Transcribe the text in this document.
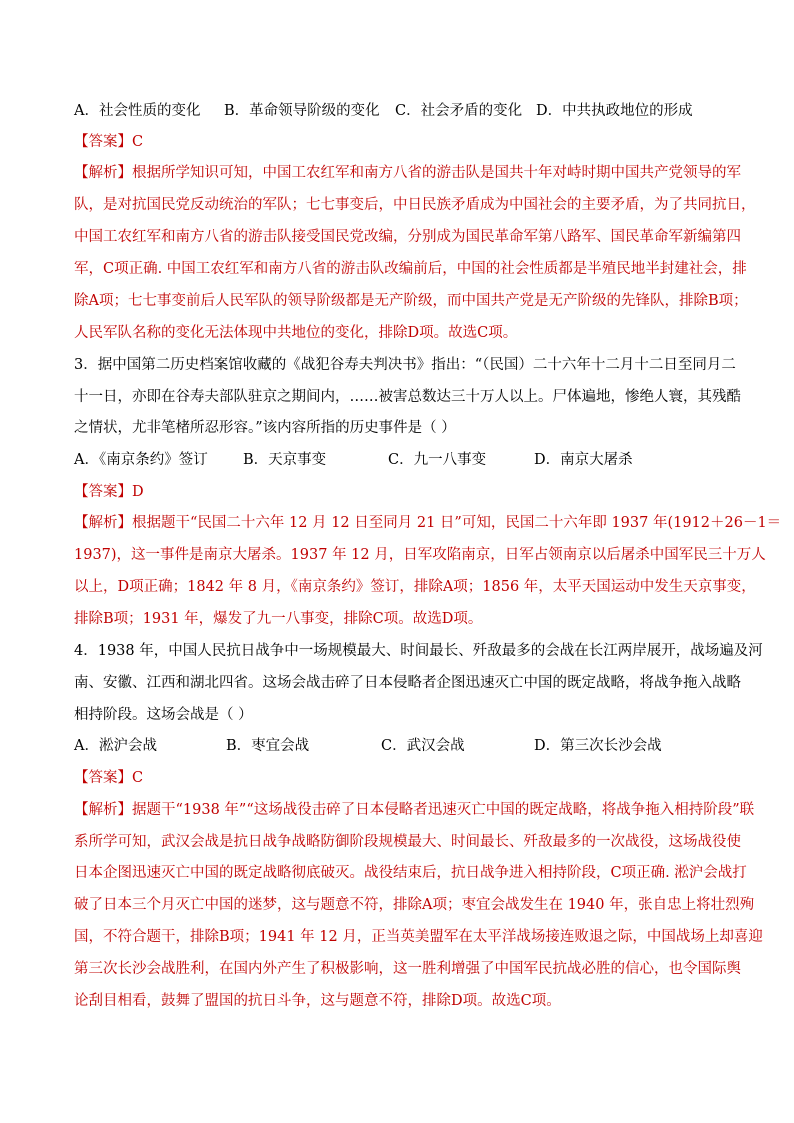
A．社会性质的变化 B．革命领导阶级的变化 C．社会矛盾的变化 D．中共执政地位的形成
【答案】C
【解析】根据所学知识可知，中国工农红军和南方八省的游击队是国共十年对峙时期中国共产党领导的军
队，是对抗国民党反动统治的军队；七七事变后，中日民族矛盾成为中国社会的主要矛盾，为了共同抗日，
中国工农红军和南方八省的游击队接受国民党改编，分别成为国民革命军第八路军、国民革命军新编第四
军，C项正确. 中国工农红军和南方八省的游击队改编前后，中国的社会性质都是半殖民地半封建社会，排
除A项；七七事变前后人民军队的领导阶级都是无产阶级，而中国共产党是无产阶级的先锋队，排除B项；
人民军队名称的变化无法体现中共地位的变化，排除D项。故选C项。
3．据中国第二历史档案馆收藏的《战犯谷寿夫判决书》指出：“（民国）二十六年十二月十二日至同月二
十一日，亦即在谷寿夫部队驻京之期间内，……被害总数达三十万人以上。尸体遍地，惨绝人寰，其残酷
之情状，尤非笔楮所忍形容。”该内容所指的历史事件是（ ）
A．《南京条约》签订 B．天京事变	C．九一八事变	D．南京大屠杀
【答案】D
【解析】根据题干“民国二十六年 12 月 12 日至同月 21 日”可知，民国二十六年即 1937 年(1912＋26－1＝
1937)，这一事件是南京大屠杀。1937 年 12 月，日军攻陷南京，日军占领南京以后屠杀中国军民三十万人
以上，D项正确；1842 年 8 月，《南京条约》签订，排除A项；1856 年，太平天国运动中发生天京事变，
排除B项；1931 年，爆发了九一八事变，排除C项。故选D项。
4．1938 年，中国人民抗日战争中一场规模最大、时间最长、歼敌最多的会战在长江两岸展开，战场遍及河
南、安徽、江西和湖北四省。这场会战击碎了日本侵略者企图迅速灭亡中国的既定战略，将战争拖入战略
相持阶段。这场会战是（ ）
A．淞沪会战	B．枣宜会战	C．武汉会战	D．第三次长沙会战
【答案】C
【解析】据题干“1938 年”“这场战役击碎了日本侵略者迅速灭亡中国的既定战略，将战争拖入相持阶段”联
系所学可知，武汉会战是抗日战争战略防御阶段规模最大、时间最长、歼敌最多的一次战役，这场战役使
日本企图迅速灭亡中国的既定战略彻底破灭。战役结束后，抗日战争进入相持阶段，C项正确. 淞沪会战打
破了日本三个月灭亡中国的迷梦，这与题意不符，排除A项；枣宜会战发生在 1940 年，张自忠上将壮烈殉
国，不符合题干，排除B项；1941 年 12 月，正当英美盟军在太平洋战场接连败退之际，中国战场上却喜迎
第三次长沙会战胜利，在国内外产生了积极影响，这一胜利增强了中国军民抗战必胜的信心，也令国际舆
论刮目相看，鼓舞了盟国的抗日斗争，这与题意不符，排除D项。故选C项。
